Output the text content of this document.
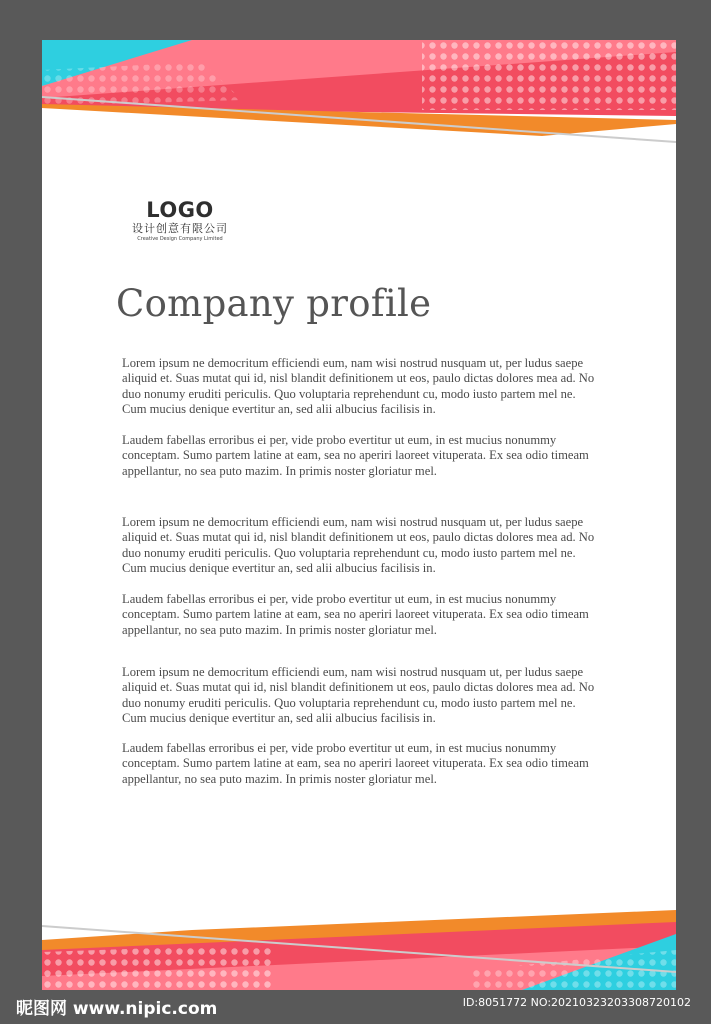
LOGO
设计创意有限公司
Creative Design Company Limited
Company profile

Lorem ipsum ne democritum efficiendi eum, nam wisi nostrud nusquam ut, per ludus saepe aliquid et. Suas mutat qui id, nisl blandit definitionem ut eos, paulo dictas dolores mea ad. No duo nonumy eruditi periculis. Quo voluptaria reprehendunt cu, modo iusto partem mel ne. Cum mucius denique evertitur an, sed alii albucius facilisis in.

Laudem fabellas erroribus ei per, vide probo evertitur ut eum, in est mucius nonummy conceptam. Sumo partem latine at eam, sea no aperiri laoreet vituperata. Ex sea odio timeam appellantur, no sea puto mazim. In primis noster gloriatur mel.

Lorem ipsum ne democritum efficiendi eum, nam wisi nostrud nusquam ut, per ludus saepe aliquid et. Suas mutat qui id, nisl blandit definitionem ut eos, paulo dictas dolores mea ad. No duo nonumy eruditi periculis. Quo voluptaria reprehendunt cu, modo iusto partem mel ne. Cum mucius denique evertitur an, sed alii albucius facilisis in.

Laudem fabellas erroribus ei per, vide probo evertitur ut eum, in est mucius nonummy conceptam. Sumo partem latine at eam, sea no aperiri laoreet vituperata. Ex sea odio timeam appellantur, no sea puto mazim. In primis noster gloriatur mel.

Lorem ipsum ne democritum efficiendi eum, nam wisi nostrud nusquam ut, per ludus saepe aliquid et. Suas mutat qui id, nisl blandit definitionem ut eos, paulo dictas dolores mea ad. No duo nonumy eruditi periculis. Quo voluptaria reprehendunt cu, modo iusto partem mel ne. Cum mucius denique evertitur an, sed alii albucius facilisis in.

Laudem fabellas erroribus ei per, vide probo evertitur ut eum, in est mucius nonummy conceptam. Sumo partem latine at eam, sea no aperiri laoreet vituperata. Ex sea odio timeam appellantur, no sea puto mazim. In primis noster gloriatur mel.

昵图网 www.nipic.com	ID:8051772 NO:20210323203308720102
